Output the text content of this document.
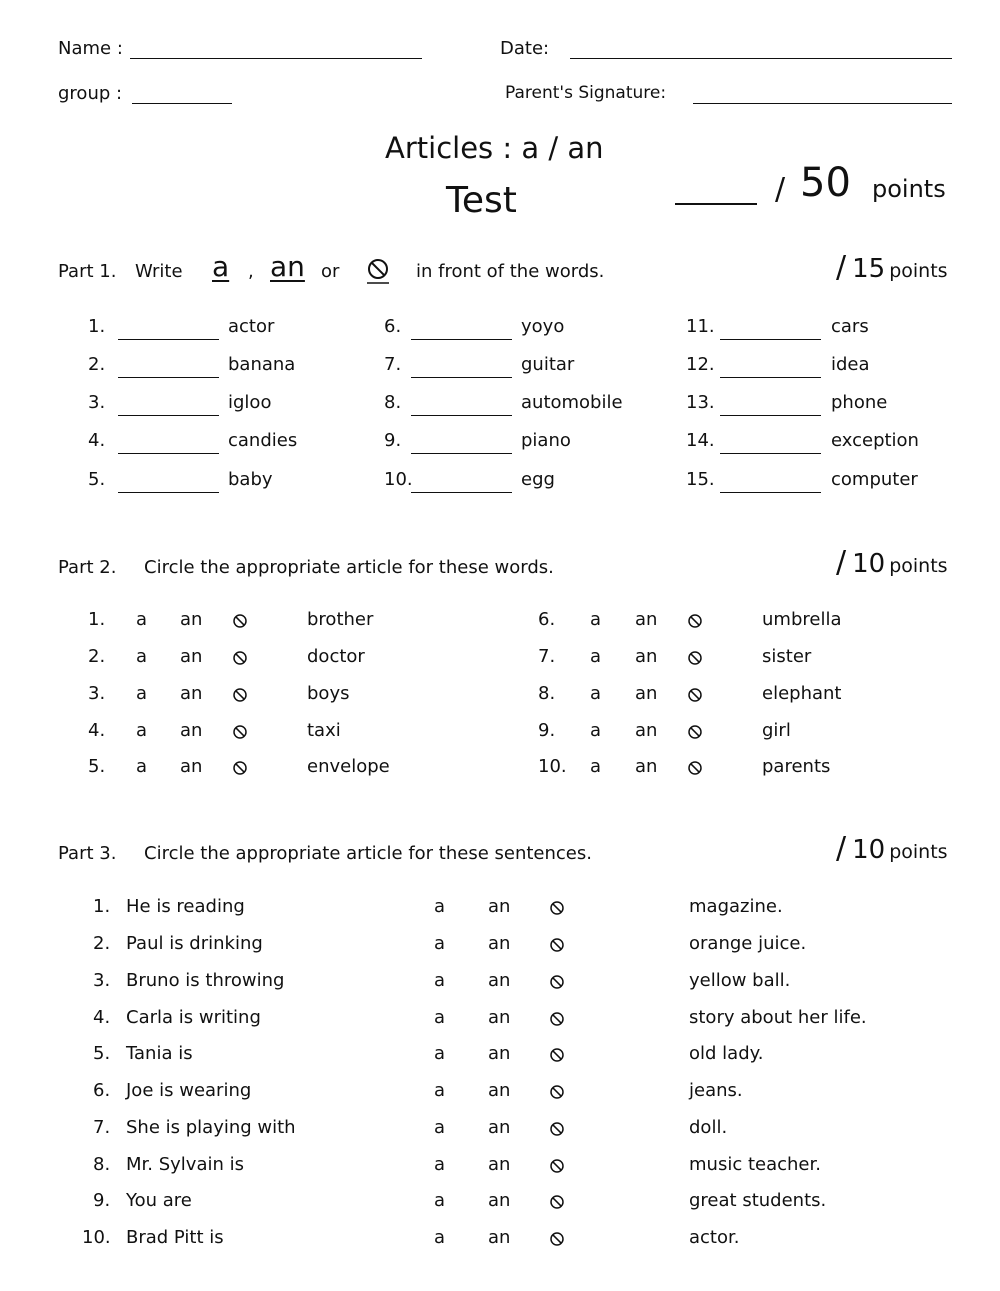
Name :	Date:
group :	Parent's Signature:
Articles : a / an
Test	/ 50 points
Part 1. Write a , an or	in front of the words.	/ 15 points
1.	actor
2.	banana
3.	igloo
4.	candies
5.	baby
6.	yoyo
7.	guitar
8.	automobile
9.	piano
10.	egg
11.	cars
12.	idea
13.	phone
14.	exception
15.	computer
Part 2. Circle the appropriate article for these words.	/ 10 points
1. a an	brother
2. a an	doctor
3. a an	boys
4. a an	taxi
5. a an	envelope
6. a an	umbrella
7. a an	sister
8. a an	elephant
9. a an	girl
10. a an	parents
Part 3. Circle the appropriate article for these sentences.	/ 10 points
1. He is reading	a an	magazine.
2. Paul is drinking	a an	orange juice.
3. Bruno is throwing	a an	yellow ball.
4. Carla is writing	a an	story about her life.
5. Tania is	a an	old lady.
6. Joe is wearing	a an	jeans.
7. She is playing with	a an	doll.
8. Mr. Sylvain is	a an	music teacher.
9. You are	a an	great students.
10. Brad Pitt is	a an	actor.
